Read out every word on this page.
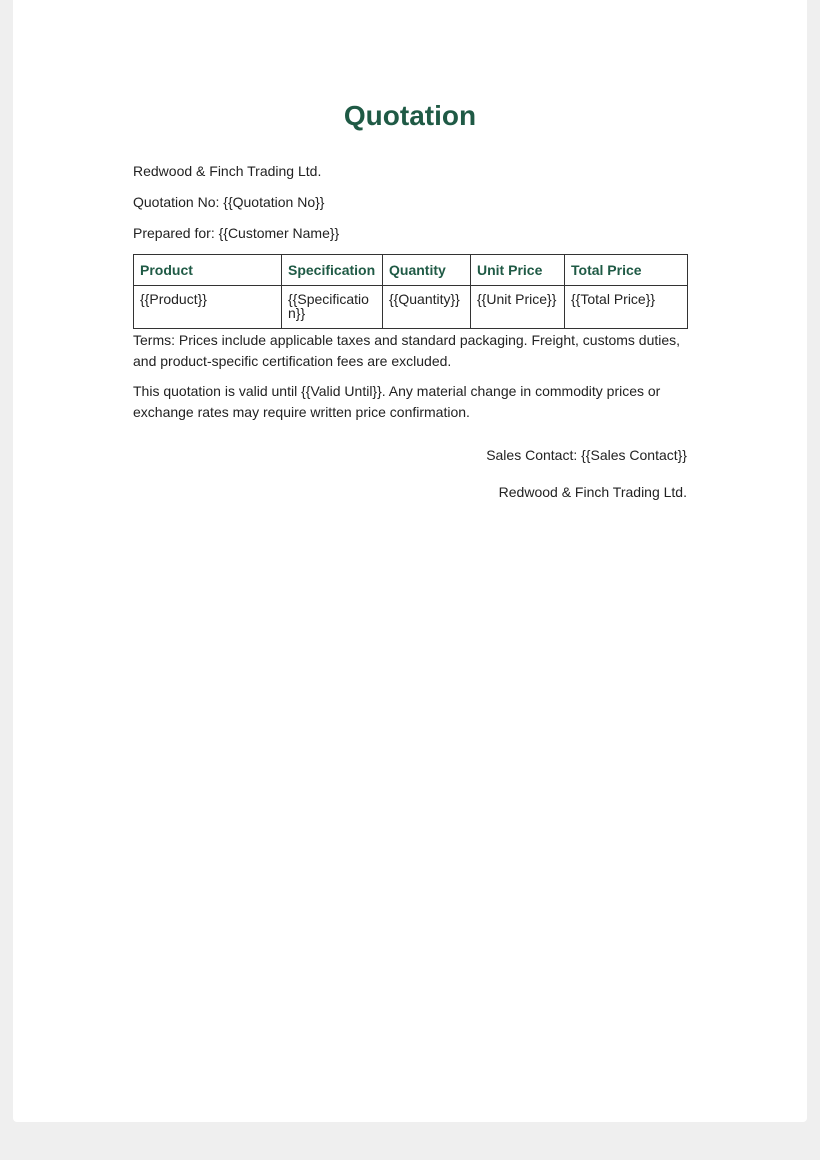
Quotation

Redwood & Finch Trading Ltd.

Quotation No: {{Quotation No}}

Prepared for: {{Customer Name}}

Product	Specification	Quantity	Unit Price	Total Price
{{Product}}	{{Specification}}	{{Quantity}}	{{Unit Price}}	{{Total Price}}

Terms: Prices include applicable taxes and standard packaging. Freight, customs duties, and product-specific certification fees are excluded.

This quotation is valid until {{Valid Until}}. Any material change in commodity prices or exchange rates may require written price confirmation.

Sales Contact: {{Sales Contact}}

Redwood & Finch Trading Ltd.
